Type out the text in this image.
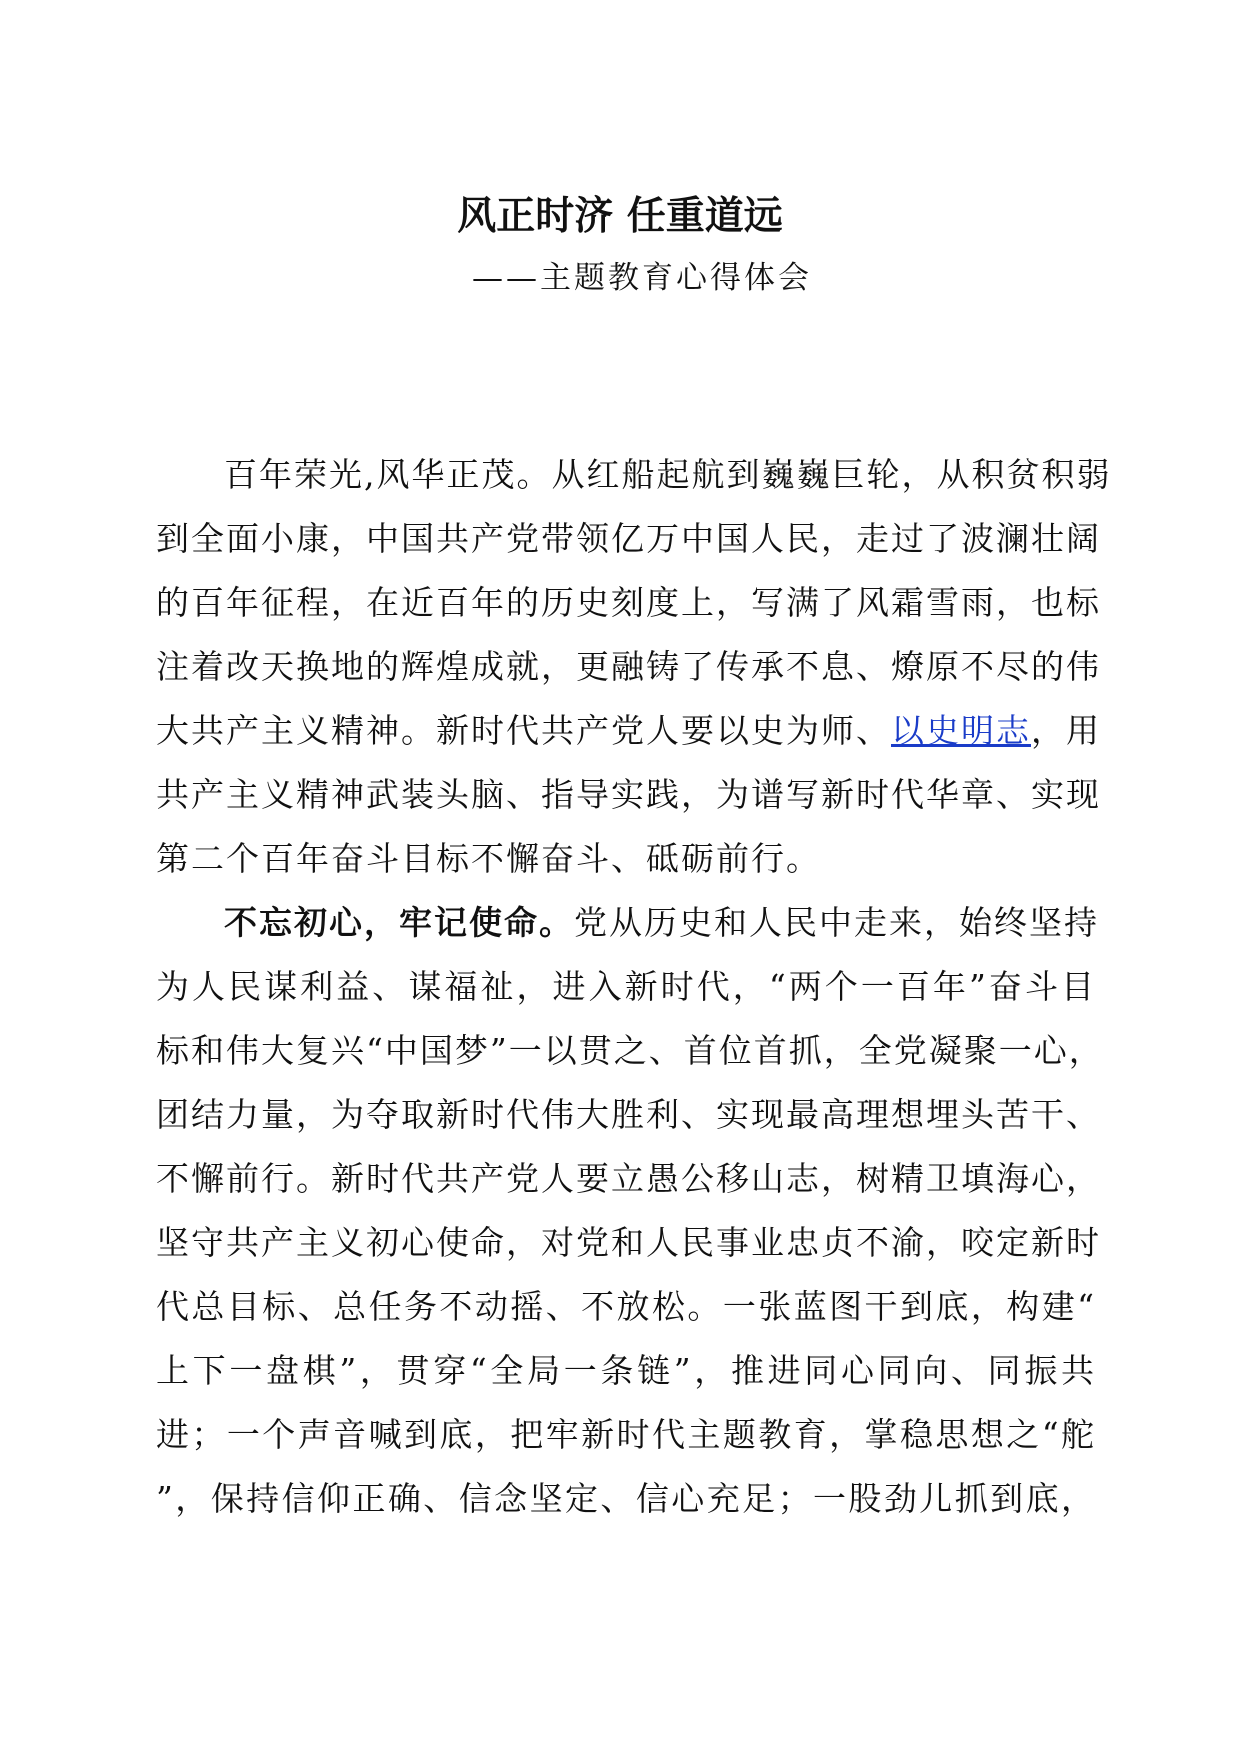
风正时济 任重道远

——主题教育心得体会

百年荣光,风华正茂。从红船起航到巍巍巨轮，从积贫积弱
到全面小康，中国共产党带领亿万中国人民，走过了波澜壮阔
的百年征程，在近百年的历史刻度上，写满了风霜雪雨，也标
注着改天换地的辉煌成就，更融铸了传承不息、燎原不尽的伟
大共产主义精神。新时代共产党人要以史为师、以史明志，用
共产主义精神武装头脑、指导实践，为谱写新时代华章、实现
第二个百年奋斗目标不懈奋斗、砥砺前行。
不忘初心，牢记使命。党从历史和人民中走来，始终坚持
为人民谋利益、谋福祉，进入新时代，“两个一百年”奋斗目
标和伟大复兴“中国梦”一以贯之、首位首抓，全党凝聚一心，
团结力量，为夺取新时代伟大胜利、实现最高理想埋头苦干、
不懈前行。新时代共产党人要立愚公移山志，树精卫填海心，
坚守共产主义初心使命，对党和人民事业忠贞不渝，咬定新时
代总目标、总任务不动摇、不放松。一张蓝图干到底，构建“
上下一盘棋”，贯穿“全局一条链”，推进同心同向、同振共
进；一个声音喊到底，把牢新时代主题教育，掌稳思想之“舵
”，保持信仰正确、信念坚定、信心充足；一股劲儿抓到底，
